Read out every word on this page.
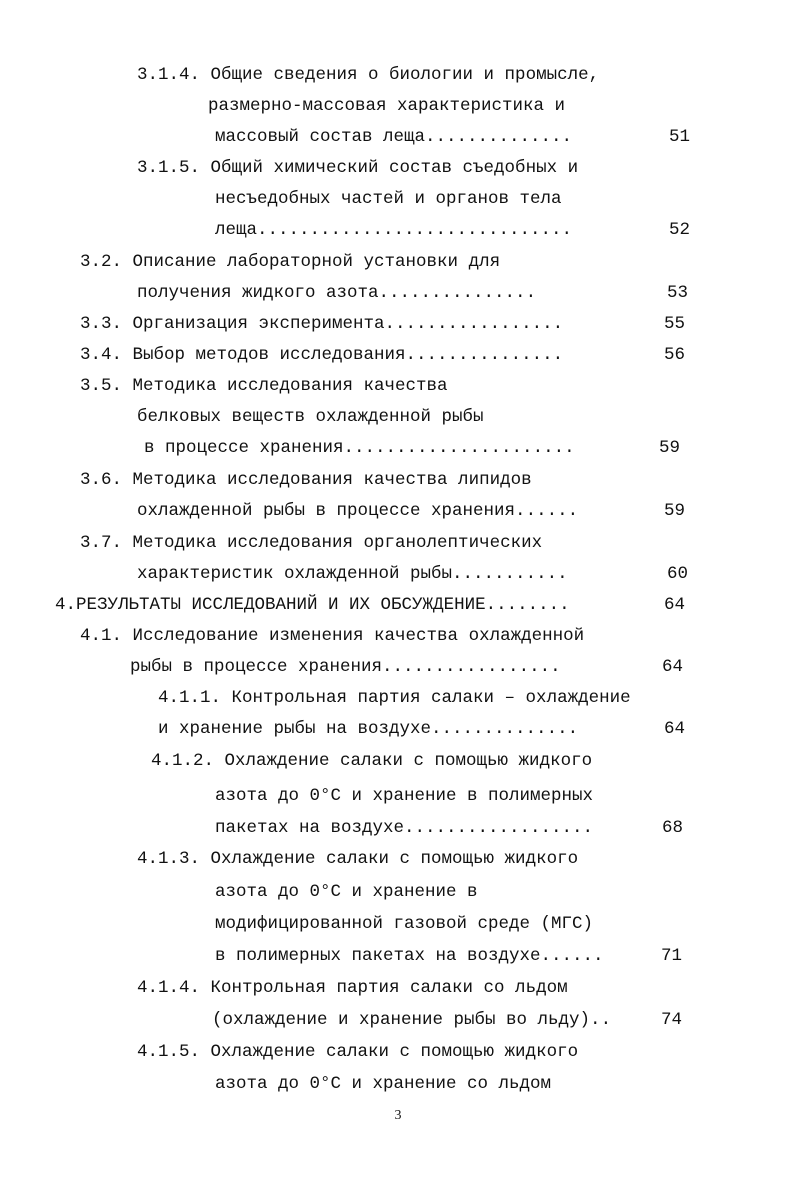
3.1.4. Общие сведения о биологии и промысле,
размерно-массовая характеристика и
массовый состав леща..............	51
3.1.5. Общий химический состав съедобных и
несъедобных частей и органов тела
леща..............................	52
3.2. Описание лабораторной установки для
получения жидкого азота...............	53
3.3. Организация эксперимента.................	55
3.4. Выбор методов исследования...............	56
3.5. Методика исследования качества
белковых веществ охлажденной рыбы
в процессе хранения......................	59
3.6. Методика исследования качества липидов
охлажденной рыбы в процессе хранения......	59
3.7. Методика исследования органолептических
характеристик охлажденной рыбы...........	60
4.РЕЗУЛЬТАТЫ ИССЛЕДОВАНИЙ И ИХ ОБСУЖДЕНИЕ........	64
4.1. Исследование изменения качества охлажденной
рыбы в процессе хранения.................	64
4.1.1. Контрольная партия салаки – охлаждение
и хранение рыбы на воздухе..............	64
4.1.2. Охлаждение салаки с помощью жидкого
азота до 0°С и хранение в полимерных
пакетах на воздухе..................	68
4.1.3. Охлаждение салаки с помощью жидкого
азота до 0°С и хранение в
модифицированной газовой среде (МГС)
в полимерных пакетах на воздухе......	71
4.1.4. Контрольная партия салаки со льдом
(охлаждение и хранение рыбы во льду)..	74
4.1.5. Охлаждение салаки с помощью жидкого
азота до 0°С и хранение со льдом
3
